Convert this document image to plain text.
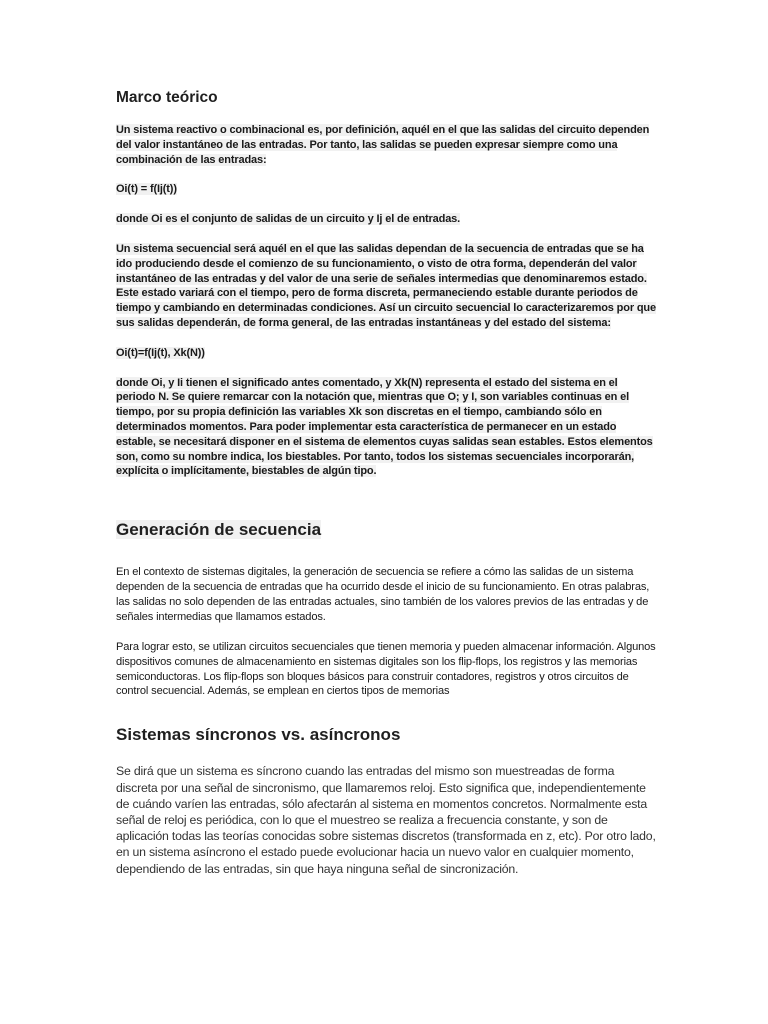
Marco teórico

Un sistema reactivo o combinacional es, por definición, aquél en el que las salidas del circuito dependen del valor instantáneo de las entradas. Por tanto, las salidas se pueden expresar siempre como una combinación de las entradas:

Oi(t) = f(Ij(t))

donde Oi es el conjunto de salidas de un circuito y Ij el de entradas.

Un sistema secuencial será aquél en el que las salidas dependan de la secuencia de entradas que se ha ido produciendo desde el comienzo de su funcionamiento, o visto de otra forma, dependerán del valor instantáneo de las entradas y del valor de una serie de señales intermedias que denominaremos estado. Este estado variará con el tiempo, pero de forma discreta, permaneciendo estable durante periodos de tiempo y cambiando en determinadas condiciones. Así un circuito secuencial lo caracterizaremos por que sus salidas dependerán, de forma general, de las entradas instantáneas y del estado del sistema:

Oi(t)=f(Ij(t), Xk(N))

donde Oi, y Ii tienen el significado antes comentado, y Xk(N) representa el estado del sistema en el periodo N. Se quiere remarcar con la notación que, mientras que O; y I, son variables continuas en el tiempo, por su propia definición las variables Xk son discretas en el tiempo, cambiando sólo en determinados momentos. Para poder implementar esta característica de permanecer en un estado estable, se necesitará disponer en el sistema de elementos cuyas salidas sean estables. Estos elementos son, como su nombre indica, los biestables. Por tanto, todos los sistemas secuenciales incorporarán, explícita o implícitamente, biestables de algún tipo.

Generación de secuencia

En el contexto de sistemas digitales, la generación de secuencia se refiere a cómo las salidas de un sistema dependen de la secuencia de entradas que ha ocurrido desde el inicio de su funcionamiento. En otras palabras, las salidas no solo dependen de las entradas actuales, sino también de los valores previos de las entradas y de señales intermedias que llamamos estados.

Para lograr esto, se utilizan circuitos secuenciales que tienen memoria y pueden almacenar información. Algunos dispositivos comunes de almacenamiento en sistemas digitales son los flip-flops, los registros y las memorias semiconductoras. Los flip-flops son bloques básicos para construir contadores, registros y otros circuitos de control secuencial. Además, se emplean en ciertos tipos de memorias

Sistemas síncronos vs. asíncronos

Se dirá que un sistema es síncrono cuando las entradas del mismo son muestreadas de forma discreta por una señal de sincronismo, que llamaremos reloj. Esto significa que, independientemente de cuándo varíen las entradas, sólo afectarán al sistema en momentos concretos. Normalmente esta señal de reloj es periódica, con lo que el muestreo se realiza a frecuencia constante, y son de aplicación todas las teorías conocidas sobre sistemas discretos (transformada en z, etc). Por otro lado, en un sistema asíncrono el estado puede evolucionar hacia un nuevo valor en cualquier momento, dependiendo de las entradas, sin que haya ninguna señal de sincronización.
